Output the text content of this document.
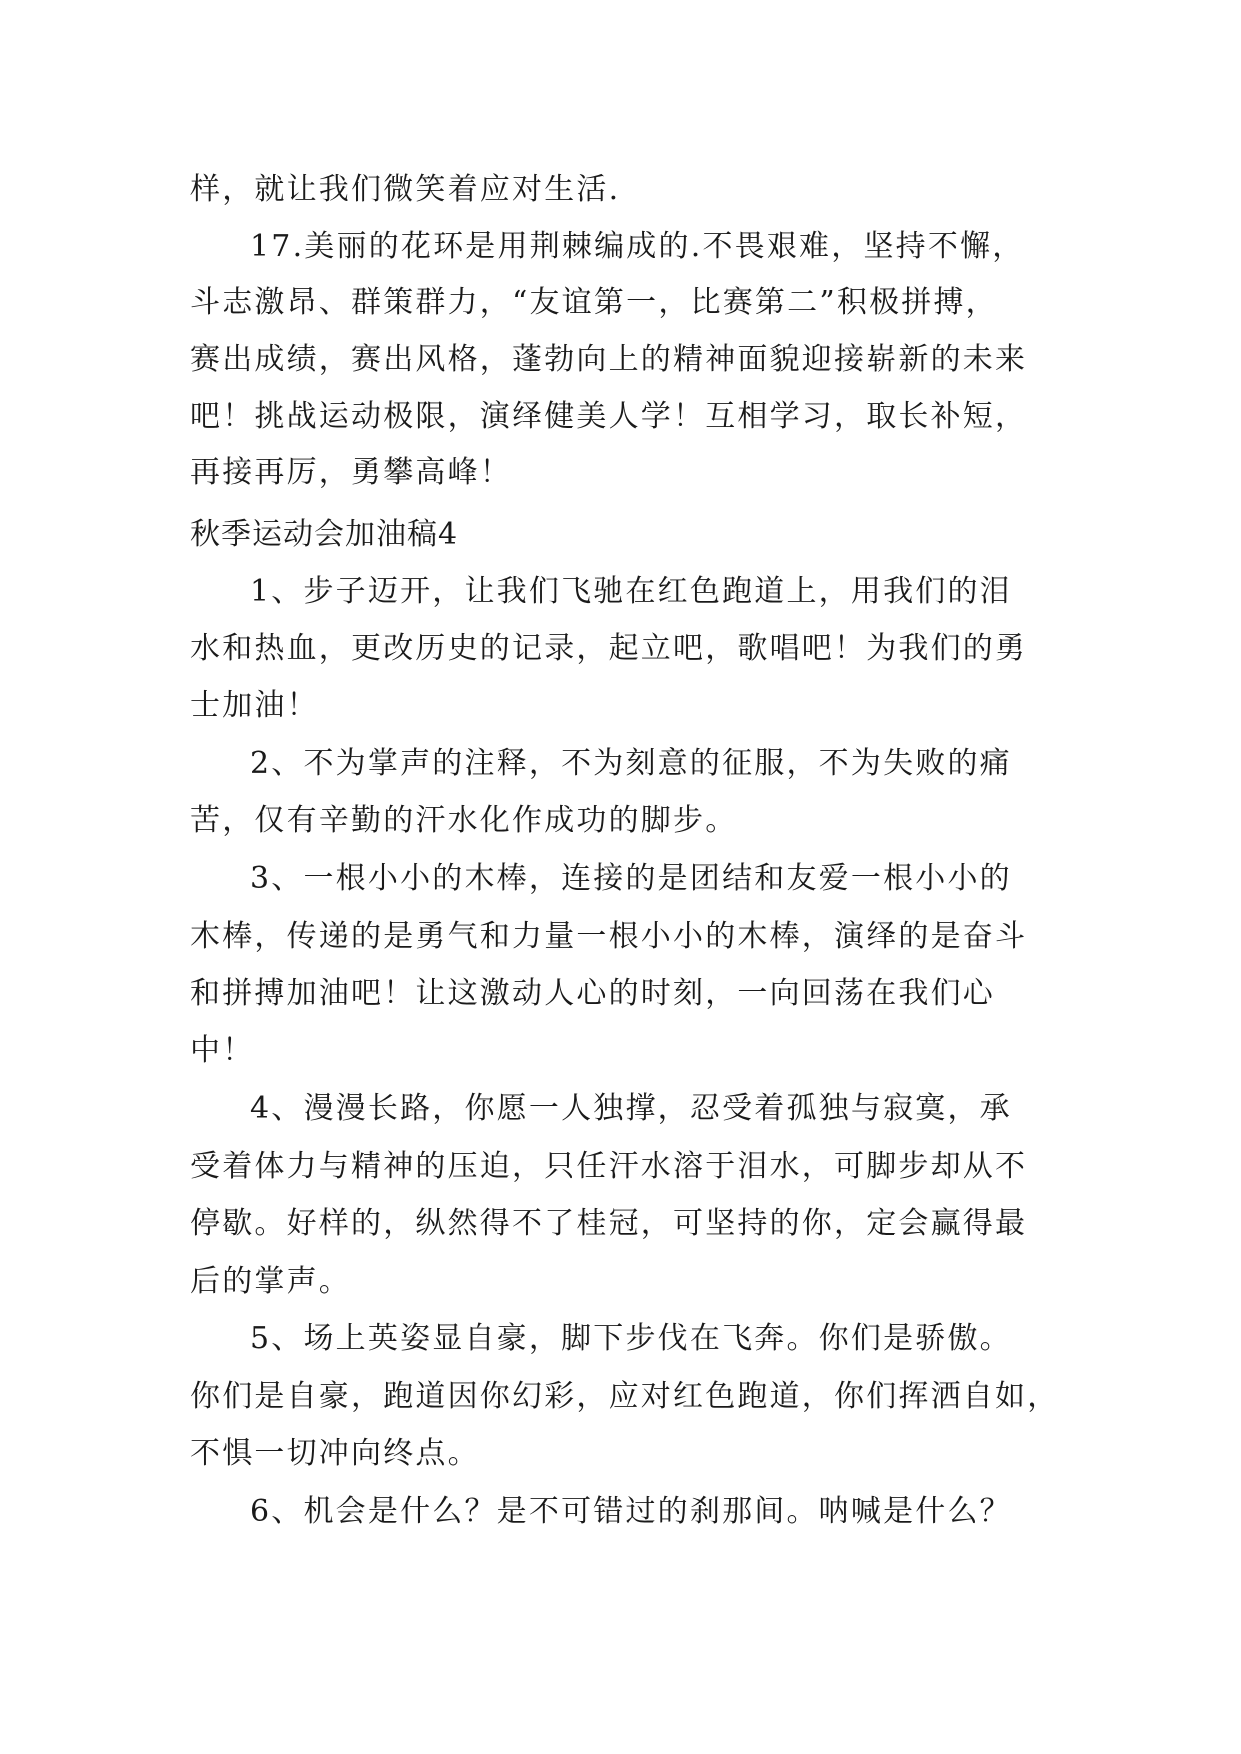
样，就让我们微笑着应对生活.
17.美丽的花环是用荆棘编成的.不畏艰难，坚持不懈，
斗志激昂、群策群力，“友谊第一，比赛第二”积极拼搏，
赛出成绩，赛出风格，蓬勃向上的精神面貌迎接崭新的未来
吧！挑战运动极限，演绎健美人学！互相学习，取长补短，
再接再厉，勇攀高峰！
秋季运动会加油稿4
1、步子迈开，让我们飞驰在红色跑道上，用我们的泪
水和热血，更改历史的记录，起立吧，歌唱吧！为我们的勇
士加油！
2、不为掌声的注释，不为刻意的征服，不为失败的痛
苦，仅有辛勤的汗水化作成功的脚步。
3、一根小小的木棒，连接的是团结和友爱一根小小的
木棒，传递的是勇气和力量一根小小的木棒，演绎的是奋斗
和拼搏加油吧！让这激动人心的时刻，一向回荡在我们心
中！
4、漫漫长路，你愿一人独撑，忍受着孤独与寂寞，承
受着体力与精神的压迫，只任汗水溶于泪水，可脚步却从不
停歇。好样的，纵然得不了桂冠，可坚持的你，定会赢得最
后的掌声。
5、场上英姿显自豪，脚下步伐在飞奔。你们是骄傲。
你们是自豪，跑道因你幻彩，应对红色跑道，你们挥洒自如，
不惧一切冲向终点。
6、机会是什么？是不可错过的刹那间。呐喊是什么？
